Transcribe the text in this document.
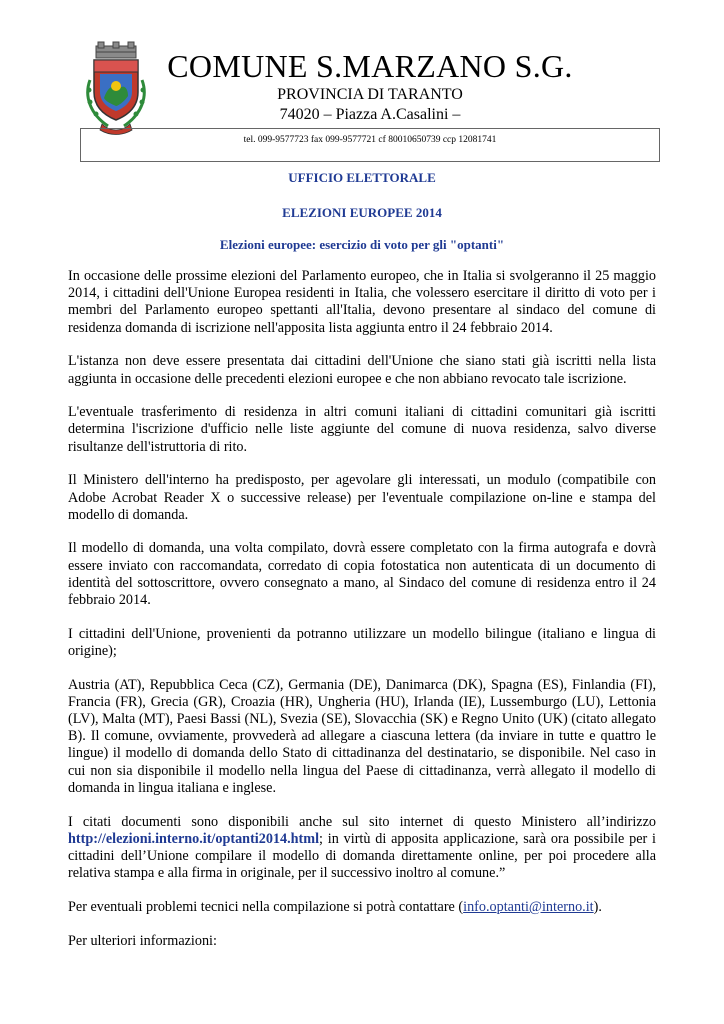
COMUNE S.MARZANO S.G.
PROVINCIA DI TARANTO
74020 – Piazza A.Casalini –
tel. 099-9577723 fax 099-9577721 cf 80010650739 ccp 12081741
UFFICIO ELETTORALE
ELEZIONI EUROPEE 2014
Elezioni europee: esercizio di voto per gli "optanti"

In occasione delle prossime elezioni del Parlamento europeo, che in Italia si svolgeranno il 25 maggio 2014, i cittadini dell'Unione Europea residenti in Italia, che volessero esercitare il diritto di voto per i membri del Parlamento europeo spettanti all'Italia, devono presentare al sindaco del comune di residenza domanda di iscrizione nell'apposita lista aggiunta entro il 24 febbraio 2014.

L'istanza non deve essere presentata dai cittadini dell'Unione che siano stati già iscritti nella lista aggiunta in occasione delle precedenti elezioni europee e che non abbiano revocato tale iscrizione.

L'eventuale trasferimento di residenza in altri comuni italiani di cittadini comunitari già iscritti determina l'iscrizione d'ufficio nelle liste aggiunte del comune di nuova residenza, salvo diverse risultanze dell'istruttoria di rito.

Il Ministero dell'interno ha predisposto, per agevolare gli interessati, un modulo (compatibile con Adobe Acrobat Reader X o successive release) per l'eventuale compilazione on-line e stampa del modello di domanda.

Il modello di domanda, una volta compilato, dovrà essere completato con la firma autografa e dovrà essere inviato con raccomandata, corredato di copia fotostatica non autenticata di un documento di identità del sottoscrittore, ovvero consegnato a mano, al Sindaco del comune di residenza entro il 24 febbraio 2014.

I cittadini dell'Unione, provenienti da potranno utilizzare un modello bilingue (italiano e lingua di origine);

Austria (AT), Repubblica Ceca (CZ), Germania (DE), Danimarca (DK), Spagna (ES), Finlandia (FI), Francia (FR), Grecia (GR), Croazia (HR), Ungheria (HU), Irlanda (IE), Lussemburgo (LU), Lettonia (LV), Malta (MT), Paesi Bassi (NL), Svezia (SE), Slovacchia (SK) e Regno Unito (UK) (citato allegato B). Il comune, ovviamente, provvederà ad allegare a ciascuna lettera (da inviare in tutte e quattro le lingue) il modello di domanda dello Stato di cittadinanza del destinatario, se disponibile. Nel caso in cui non sia disponibile il modello nella lingua del Paese di cittadinanza, verrà allegato il modello di domanda in lingua italiana e inglese.

I citati documenti sono disponibili anche sul sito internet di questo Ministero all’indirizzo http://elezioni.interno.it/optanti2014.html; in virtù di apposita applicazione, sarà ora possibile per i cittadini dell’Unione compilare il modello di domanda direttamente online, per poi procedere alla relativa stampa e alla firma in originale, per il successivo inoltro al comune.”

Per eventuali problemi tecnici nella compilazione si potrà contattare (info.optanti@interno.it).

Per ulteriori informazioni:
